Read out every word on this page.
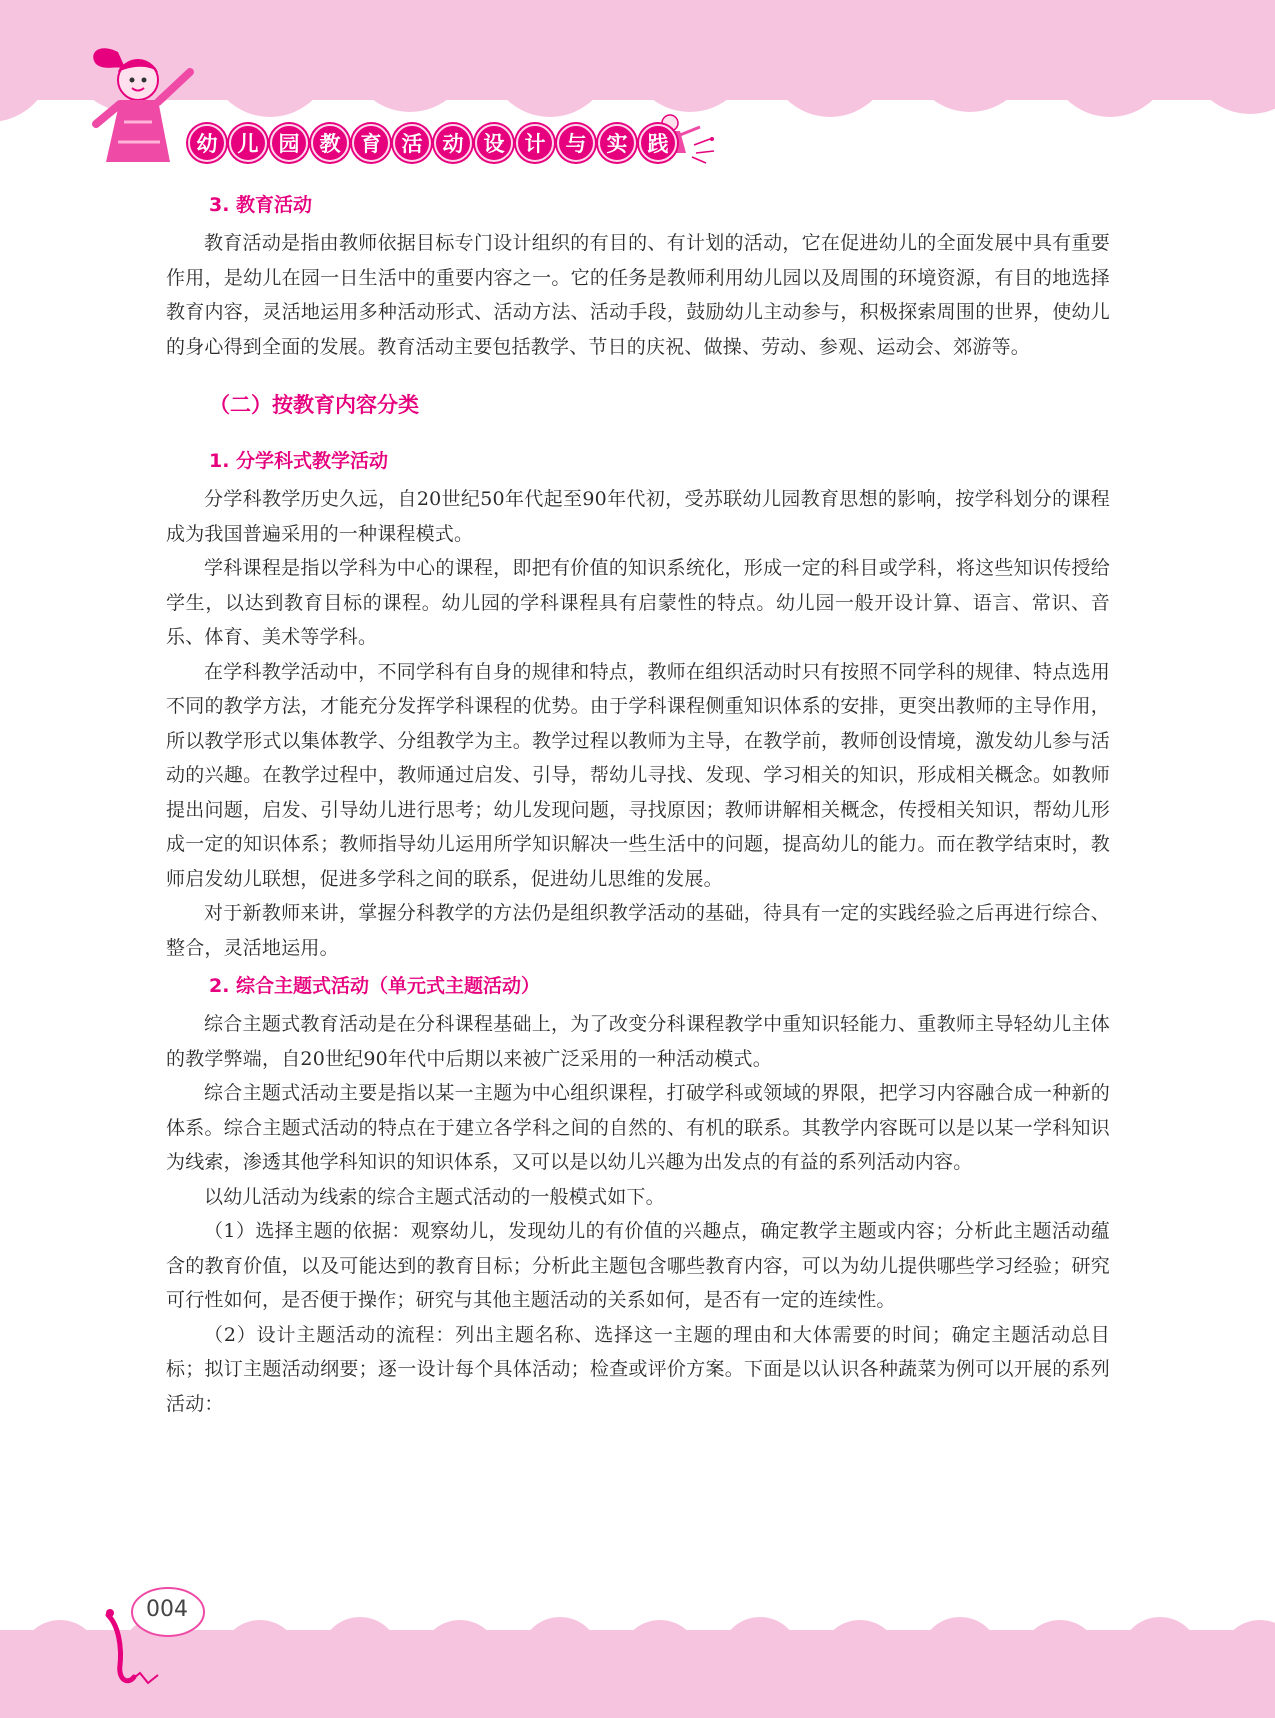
幼 儿 园 教 育 活 动 设 计 与 实 践
3. 教育活动

教育活动是指由教师依据目标专门设计组织的有目的、有计划的活动，它在促进幼儿的全面发展中具有重要作用，是幼儿在园一日生活中的重要内容之一。它的任务是教师利用幼儿园以及周围的环境资源，有目的地选择教育内容，灵活地运用多种活动形式、活动方法、活动手段，鼓励幼儿主动参与，积极探索周围的世界，使幼儿的身心得到全面的发展。教育活动主要包括教学、节日的庆祝、做操、劳动、参观、运动会、郊游等。

（二）按教育内容分类
1. 分学科式教学活动

分学科教学历史久远，自20世纪50年代起至90年代初，受苏联幼儿园教育思想的影响，按学科划分的课程成为我国普遍采用的一种课程模式。

学科课程是指以学科为中心的课程，即把有价值的知识系统化，形成一定的科目或学科，将这些知识传授给学生，以达到教育目标的课程。幼儿园的学科课程具有启蒙性的特点。幼儿园一般开设计算、语言、常识、音乐、体育、美术等学科。

在学科教学活动中，不同学科有自身的规律和特点，教师在组织活动时只有按照不同学科的规律、特点选用不同的教学方法，才能充分发挥学科课程的优势。由于学科课程侧重知识体系的安排，更突出教师的主导作用，所以教学形式以集体教学、分组教学为主。教学过程以教师为主导，在教学前，教师创设情境，激发幼儿参与活动的兴趣。在教学过程中，教师通过启发、引导，帮幼儿寻找、发现、学习相关的知识，形成相关概念。如教师提出问题，启发、引导幼儿进行思考；幼儿发现问题，寻找原因；教师讲解相关概念，传授相关知识，帮幼儿形成一定的知识体系；教师指导幼儿运用所学知识解决一些生活中的问题，提高幼儿的能力。而在教学结束时，教师启发幼儿联想，促进多学科之间的联系，促进幼儿思维的发展。

对于新教师来讲，掌握分科教学的方法仍是组织教学活动的基础，待具有一定的实践经验之后再进行综合、整合，灵活地运用。

2. 综合主题式活动（单元式主题活动）

综合主题式教育活动是在分科课程基础上，为了改变分科课程教学中重知识轻能力、重教师主导轻幼儿主体的教学弊端，自20世纪90年代中后期以来被广泛采用的一种活动模式。

综合主题式活动主要是指以某一主题为中心组织课程，打破学科或领域的界限，把学习内容融合成一种新的体系。综合主题式活动的特点在于建立各学科之间的自然的、有机的联系。其教学内容既可以是以某一学科知识为线索，渗透其他学科知识的知识体系，又可以是以幼儿兴趣为出发点的有益的系列活动内容。

以幼儿活动为线索的综合主题式活动的一般模式如下。

（1）选择主题的依据：观察幼儿，发现幼儿的有价值的兴趣点，确定教学主题或内容；分析此主题活动蕴含的教育价值，以及可能达到的教育目标；分析此主题包含哪些教育内容，可以为幼儿提供哪些学习经验；研究可行性如何，是否便于操作；研究与其他主题活动的关系如何，是否有一定的连续性。

（2）设计主题活动的流程：列出主题名称、选择这一主题的理由和大体需要的时间；确定主题活动总目标；拟订主题活动纲要；逐一设计每个具体活动；检查或评价方案。下面是以认识各种蔬菜为例可以开展的系列活动：

004
